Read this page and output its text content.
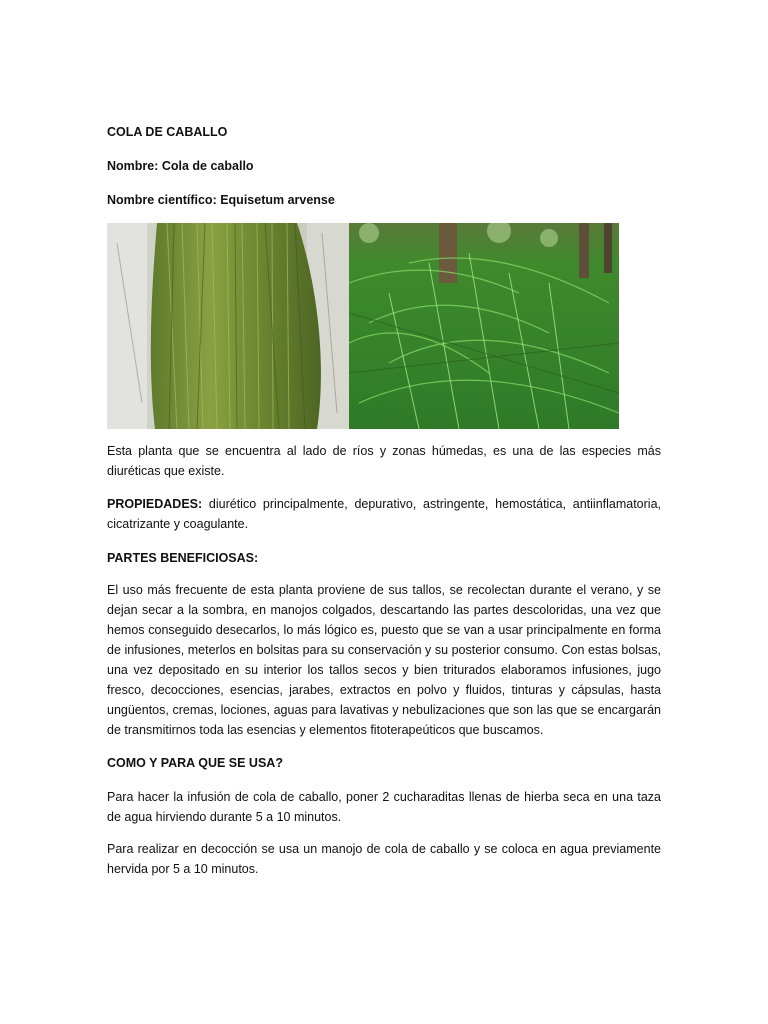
COLA DE CABALLO
Nombre: Cola de caballo
Nombre científico: Equisetum arvense
Esta planta que se encuentra al lado de ríos y zonas húmedas, es una de las especies más diuréticas que existe.
PROPIEDADES: diurético principalmente, depurativo, astringente, hemostática, antiinflamatoria, cicatrizante y coagulante.
PARTES BENEFICIOSAS:
El uso más frecuente de esta planta proviene de sus tallos, se recolectan durante el verano, y se dejan secar a la sombra, en manojos colgados, descartando las partes descoloridas, una vez que hemos conseguido desecarlos, lo más lógico es, puesto que se van a usar principalmente en forma de infusiones, meterlos en bolsitas para su conservación y su posterior consumo. Con estas bolsas, una vez depositado en su interior los tallos secos y bien triturados elaboramos infusiones, jugo fresco, decocciones, esencias, jarabes, extractos en polvo y fluidos, tinturas y cápsulas, hasta ungüentos, cremas, lociones, aguas para lavativas y nebulizaciones que son las que se encargarán de transmitirnos toda las esencias y elementos fitoterapeúticos que buscamos.
COMO Y PARA QUE SE USA?
Para hacer la infusión de cola de caballo, poner 2 cucharaditas llenas de hierba seca en una taza de agua hirviendo durante 5 a 10 minutos.
Para realizar en decocción se usa un manojo de cola de caballo y se coloca en agua previamente hervida por 5 a 10 minutos.
